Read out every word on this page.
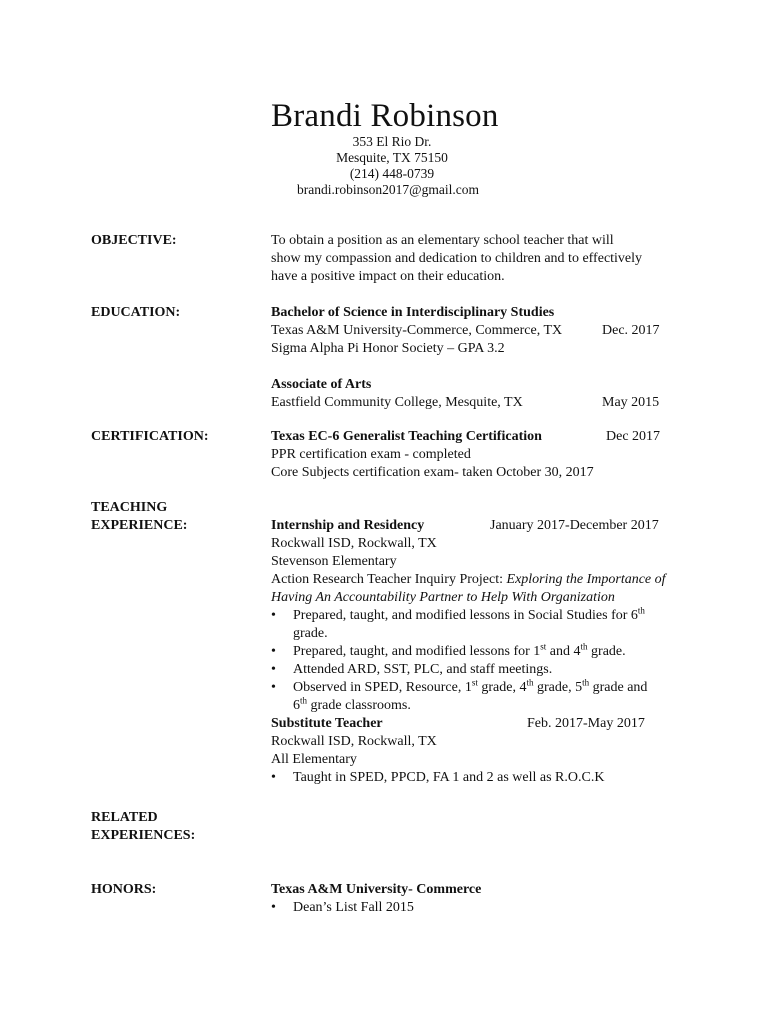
Brandi Robinson
353 El Rio Dr.
Mesquite, TX 75150
(214) 448-0739
brandi.robinson2017@gmail.com
OBJECTIVE:	To obtain a position as an elementary school teacher that will
show my compassion and dedication to children and to effectively
have a positive impact on their education.
EDUCATION:	Bachelor of Science in Interdisciplinary Studies
Texas A&M University-Commerce, Commerce, TX	Dec. 2017
Sigma Alpha Pi Honor Society – GPA 3.2
Associate of Arts
Eastfield Community College, Mesquite, TX	May 2015
CERTIFICATION:	Texas EC-6 Generalist Teaching Certification	Dec 2017
PPR certification exam - completed
Core Subjects certification exam- taken October 30, 2017
TEACHING
EXPERIENCE:	Internship and Residency	January 2017-December 2017
Rockwall ISD, Rockwall, TX
Stevenson Elementary
Action Research Teacher Inquiry Project: Exploring the Importance of Having An Accountability Partner to Help With Organization
• Prepared, taught, and modified lessons in Social Studies for 6th
grade.
• Prepared, taught, and modified lessons for 1st and 4th grade.
• Attended ARD, SST, PLC, and staff meetings.
• Observed in SPED, Resource, 1st grade, 4th grade, 5th grade and
6th grade classrooms.
Substitute Teacher	Feb. 2017-May 2017
Rockwall ISD, Rockwall, TX
All Elementary
• Taught in SPED, PPCD, FA 1 and 2 as well as R.O.C.K
RELATED
EXPERIENCES:
HONORS:	Texas A&M University- Commerce
• Dean’s List Fall 2015
